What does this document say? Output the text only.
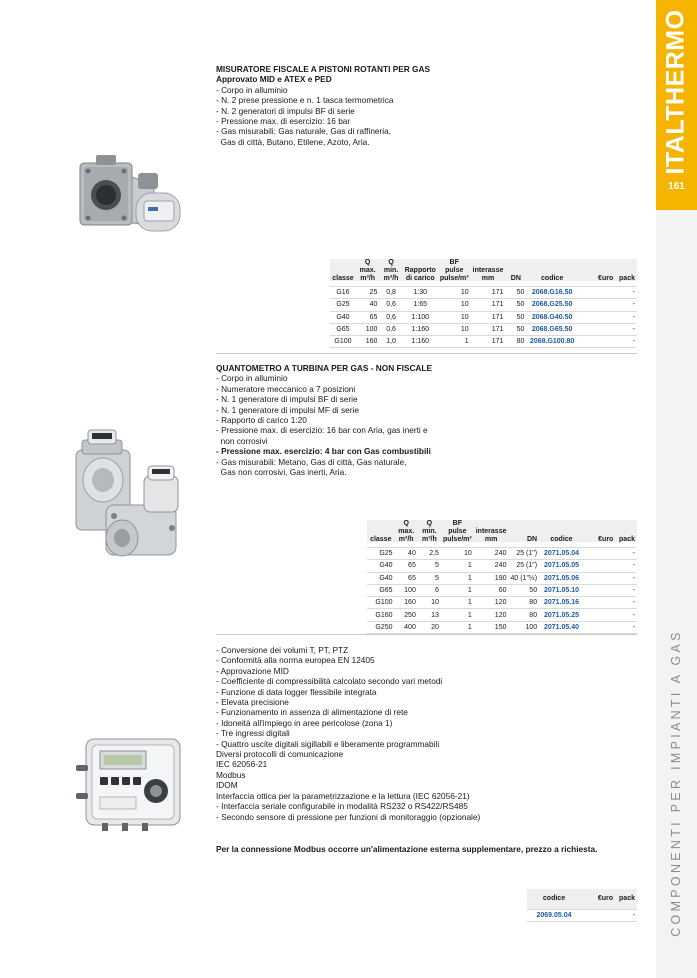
ITALTHERMO
161
COMPONENTI PER IMPIANTI A GAS
MISURATORE FISCALE A PISTONI ROTANTI PER GAS
Approvato MID e ATEX e PED
- Corpo in alluminio
- N. 2 prese pressione e n. 1 tasca termometrica
- N. 2 generatori di impulsi BF di serie
- Pressione max. di esercizio: 16 bar
- Gas misurabili: Gas naturale, Gas di raffineria,
Gas di città, Butano, Etilene, Azoto, Aria.
classe	Q max.
m³/h	Q min.
m³/h	Rapporto
di carico	BF pulse
pulse/m³	interasse
mm	DN	codice	€uro	pack
G16	25	0,8	1:30	10	171	50	2068.G16.50		-
G25	40	0,6	1:65	10	171	50	2068.G25.50		-
G40	65	0,6	1:100	10	171	50	2068.G40.50		-
G65	100	0,6	1:160	10	171	50	2068.G65.50		-
G100	160	1,0	1:160	1	171	80	2068.G100.80		-
QUANTOMETRO A TURBINA PER GAS - NON FISCALE
- Corpo in alluminio
- Numeratore meccanico a 7 posizioni
- N. 1 generatore di impulsi BF di serie
- N. 1 generatore di impulsi MF di serie
- Rapporto di carico 1:20
- Pressione max. di esercizio: 16 bar con Aria, gas inerti e
non corrosivi
- Pressione max. esercizio: 4 bar con Gas combustibili
- Gas misurabili: Metano, Gas di città, Gas naturale,
Gas non corrosivi, Gas inerti, Aria.
classe	Q max.
m³/h	Q min.
m³/h	BF pulse
pulse/m³	interasse
mm	DN	codice	€uro	pack
G25	40	2,5	10	240	25 (1")	2071.05.04		-
G40	65	5	1	240	25 (1")	2071.05.05		-
G40	65	5	1	190	40 (1"½)	2071.05.06		-
G65	100	6	1	60	50	2071.05.10		-
G100	160	10	1	120	80	2071.05.16		-
G160	250	13	1	120	80	2071.05.25		-
G250	400	20	1	150	100	2071.05.40		-
- Conversione dei volumi T, PT, PTZ
- Conformità alla norma europea EN 12405
- Approvazione MID
- Coefficiente di compressibilità calcolato secondo vari metodi
- Funzione di data logger flessibile integrata
- Elevata precisione
- Funzionamento in assenza di alimentazione di rete
- Idoneità all'impiego in aree pericolose (zona 1)
- Tre ingressi digitali
- Quattro uscite digitali sigillabili e liberamente programmabili
Diversi protocolli di comunicazione
IEC 62056-21
Modbus
IDOM
Interfaccia ottica per la parametrizzazione e la lettura (IEC 62056-21)
- Interfaccia seriale configurabile in modalità RS232 o RS422/RS485
- Secondo sensore di pressione per funzioni di monitoraggio (opzionale)
Per la connessione Modbus occorre un'alimentazione esterna supplementare, prezzo a richiesta.
codice	€uro	pack
2069.05.04		-
